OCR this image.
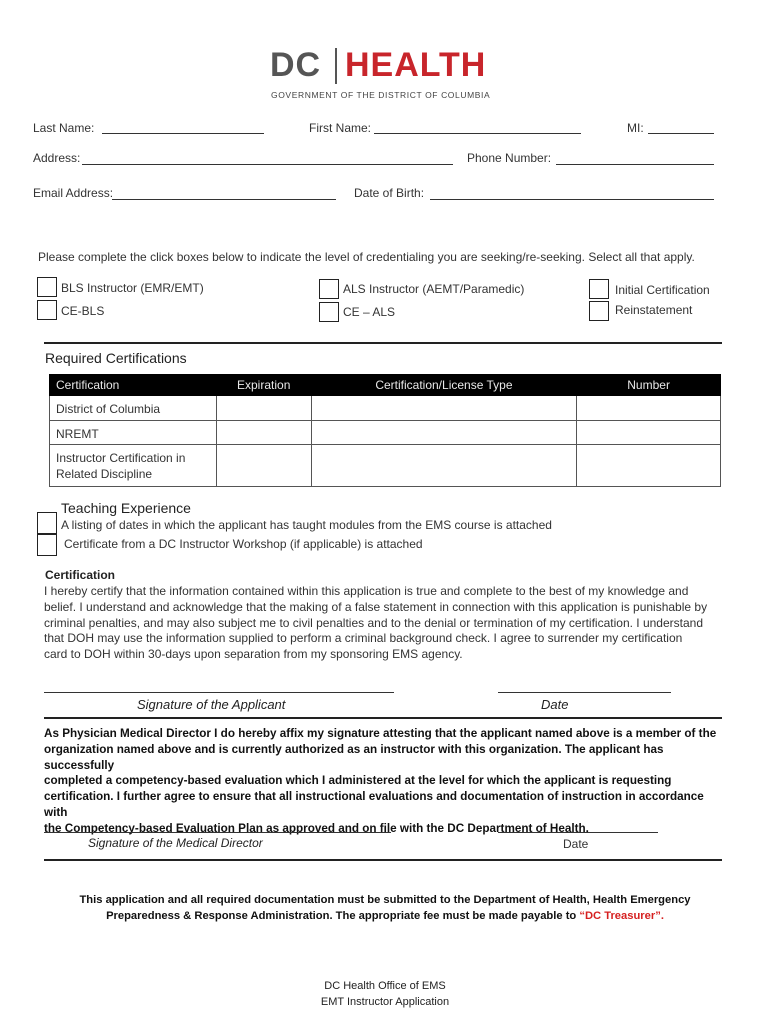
DC HEALTH
GOVERNMENT OF THE DISTRICT OF COLUMBIA
Last Name:	First Name:	MI:
Address:	Phone Number:
Email Address:	Date of Birth:
Please complete the click boxes below to indicate the level of credentialing you are seeking/re-seeking. Select all that apply.
BLS Instructor (EMR/EMT)
CE-BLS
ALS Instructor (AEMT/Paramedic)
CE – ALS
Initial Certification
Reinstatement
Required Certifications
Certification	Expiration	Certification/License Type	Number
District of Columbia			
NREMT			
Instructor Certification in
Related Discipline			
Teaching Experience
A listing of dates in which the applicant has taught modules from the EMS course is attached
Certificate from a DC Instructor Workshop (if applicable) is attached
Certification
I hereby certify that the information contained within this application is true and complete to the best of my knowledge and
belief. I understand and acknowledge that the making of a false statement in connection with this application is punishable by
criminal penalties, and may also subject me to civil penalties and to the denial or termination of my certification. I understand
that DOH may use the information supplied to perform a criminal background check. I agree to surrender my certification
card to DOH within 30-days upon separation from my sponsoring EMS agency.
Signature of the Applicant	Date
As Physician Medical Director I do hereby affix my signature attesting that the applicant named above is a member of the
organization named above and is currently authorized as an instructor with this organization. The applicant has successfully
completed a competency-based evaluation which I administered at the level for which the applicant is requesting
certification. I further agree to ensure that all instructional evaluations and documentation of instruction in accordance with
the Competency-based Evaluation Plan as approved and on file with the DC Department of Health.
Signature of the Medical Director	Date
This application and all required documentation must be submitted to the Department of Health, Health Emergency
Preparedness & Response Administration. The appropriate fee must be made payable to “DC Treasurer”.
DC Health Office of EMS
EMT Instructor Application
